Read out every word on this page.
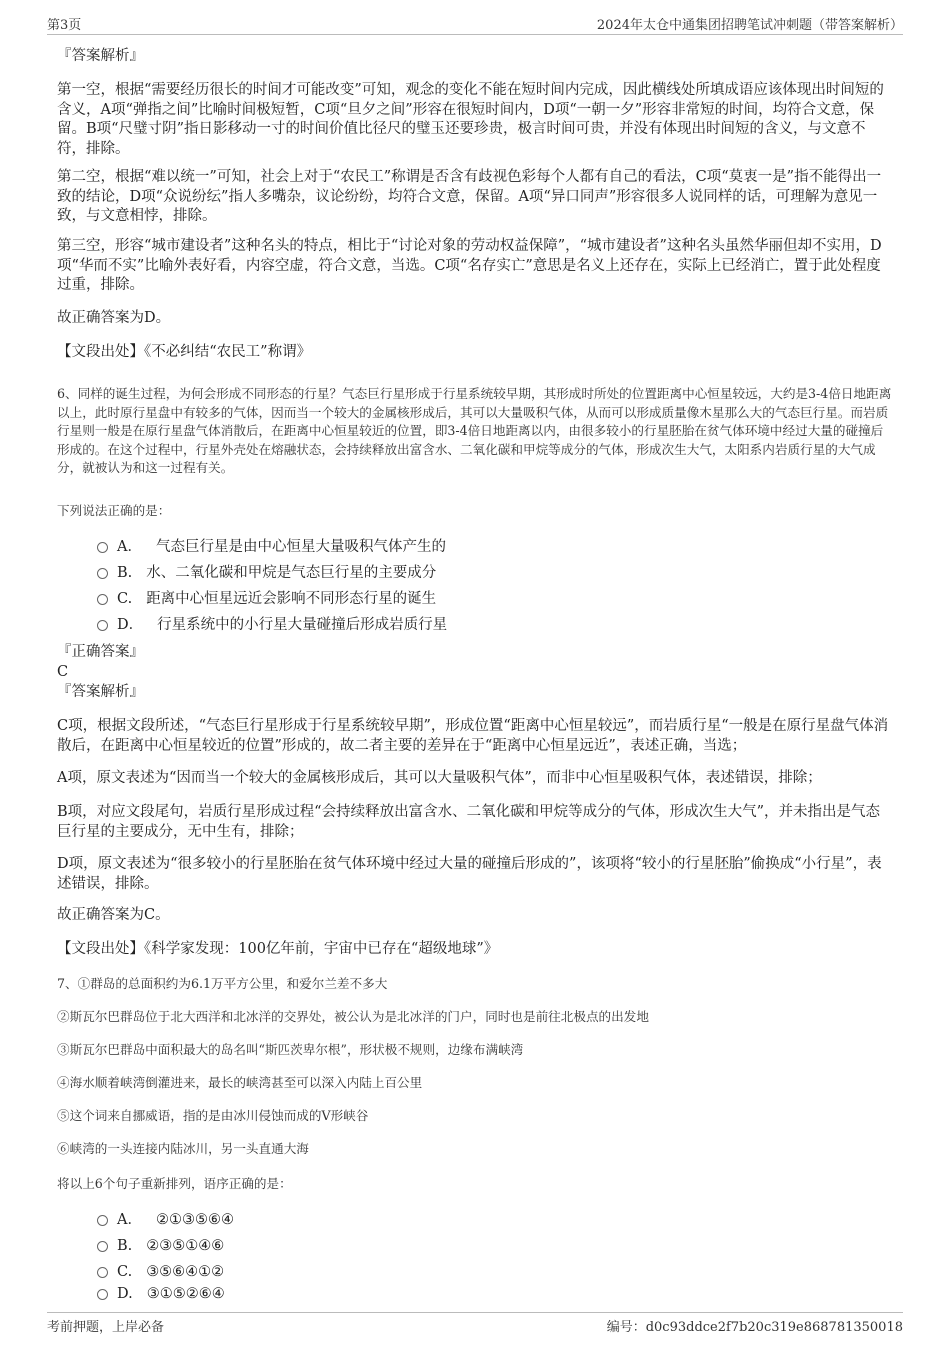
第3页	2024年太仓中通集团招聘笔试冲刺题（带答案解析）

『答案解析』

第一空，根据“需要经历很长的时间才可能改变”可知，观念的变化不能在短时间内完成，因此横线处所填成语应该体现出时间短的含义，A项“弹指之间”比喻时间极短暂，C项“旦夕之间”形容在很短时间内，D项“一朝一夕”形容非常短的时间，均符合文意，保留。B项“尺璧寸阴”指日影移动一寸的时间价值比径尺的璧玉还要珍贵，极言时间可贵，并没有体现出时间短的含义，与文意不符，排除。

第二空，根据“难以统一”可知，社会上对于“农民工”称谓是否含有歧视色彩每个人都有自己的看法，C项“莫衷一是”指不能得出一致的结论，D项“众说纷纭”指人多嘴杂，议论纷纷，均符合文意，保留。A项“异口同声”形容很多人说同样的话，可理解为意见一致，与文意相悖，排除。

第三空，形容“城市建设者”这种名头的特点，相比于“讨论对象的劳动权益保障”，“城市建设者”这种名头虽然华丽但却不实用，D项“华而不实”比喻外表好看，内容空虚，符合文意，当选。C项“名存实亡”意思是名义上还存在，实际上已经消亡，置于此处程度过重，排除。

故正确答案为D。

【文段出处】《不必纠结“农民工”称谓》

6、同样的诞生过程，为何会形成不同形态的行星？气态巨行星形成于行星系统较早期，其形成时所处的位置距离中心恒星较远，大约是3-4倍日地距离以上，此时原行星盘中有较多的气体，因而当一个较大的金属核形成后，其可以大量吸积气体，从而可以形成质量像木星那么大的气态巨行星。而岩质行星则一般是在原行星盘气体消散后，在距离中心恒星较近的位置，即3-4倍日地距离以内，由很多较小的行星胚胎在贫气体环境中经过大量的碰撞后形成的。在这个过程中，行星外壳处在熔融状态，会持续释放出富含水、二氧化碳和甲烷等成分的气体，形成次生大气，太阳系内岩质行星的大气成分，就被认为和这一过程有关。

下列说法正确的是：

A． 气态巨行星是由中心恒星大量吸积气体产生的
B. 水、二氧化碳和甲烷是气态巨行星的主要成分
C. 距离中心恒星远近会影响不同形态行星的诞生
D． 行星系统中的小行星大量碰撞后形成岩质行星

『正确答案』

C

『答案解析』

C项，根据文段所述，“气态巨行星形成于行星系统较早期”，形成位置“距离中心恒星较远”，而岩质行星“一般是在原行星盘气体消散后，在距离中心恒星较近的位置”形成的，故二者主要的差异在于“距离中心恒星远近”，表述正确，当选；

A项，原文表述为“因而当一个较大的金属核形成后，其可以大量吸积气体”，而非中心恒星吸积气体，表述错误，排除；

B项，对应文段尾句，岩质行星形成过程“会持续释放出富含水、二氧化碳和甲烷等成分的气体，形成次生大气”，并未指出是气态巨行星的主要成分，无中生有，排除；

D项，原文表述为“很多较小的行星胚胎在贫气体环境中经过大量的碰撞后形成的”，该项将“较小的行星胚胎”偷换成“小行星”，表述错误，排除。

故正确答案为C。

【文段出处】《科学家发现：100亿年前，宇宙中已存在“超级地球”》

7、①群岛的总面积约为6.1万平方公里，和爱尔兰差不多大

②斯瓦尔巴群岛位于北大西洋和北冰洋的交界处，被公认为是北冰洋的门户，同时也是前往北极点的出发地

③斯瓦尔巴群岛中面积最大的岛名叫“斯匹茨卑尔根”，形状极不规则，边缘布满峡湾

④海水顺着峡湾倒灌进来，最长的峡湾甚至可以深入内陆上百公里

⑤这个词来自挪威语，指的是由冰川侵蚀而成的V形峡谷

⑥峡湾的一头连接内陆冰川，另一头直通大海

将以上6个句子重新排列，语序正确的是：

A． ②①③⑤⑥④
B. ②③⑤①④⑥
C. ③⑤⑥④①②
D. ③①⑤②⑥④
考前押题，上岸必备	编号：d0c93ddce2f7b20c319e868781350018
